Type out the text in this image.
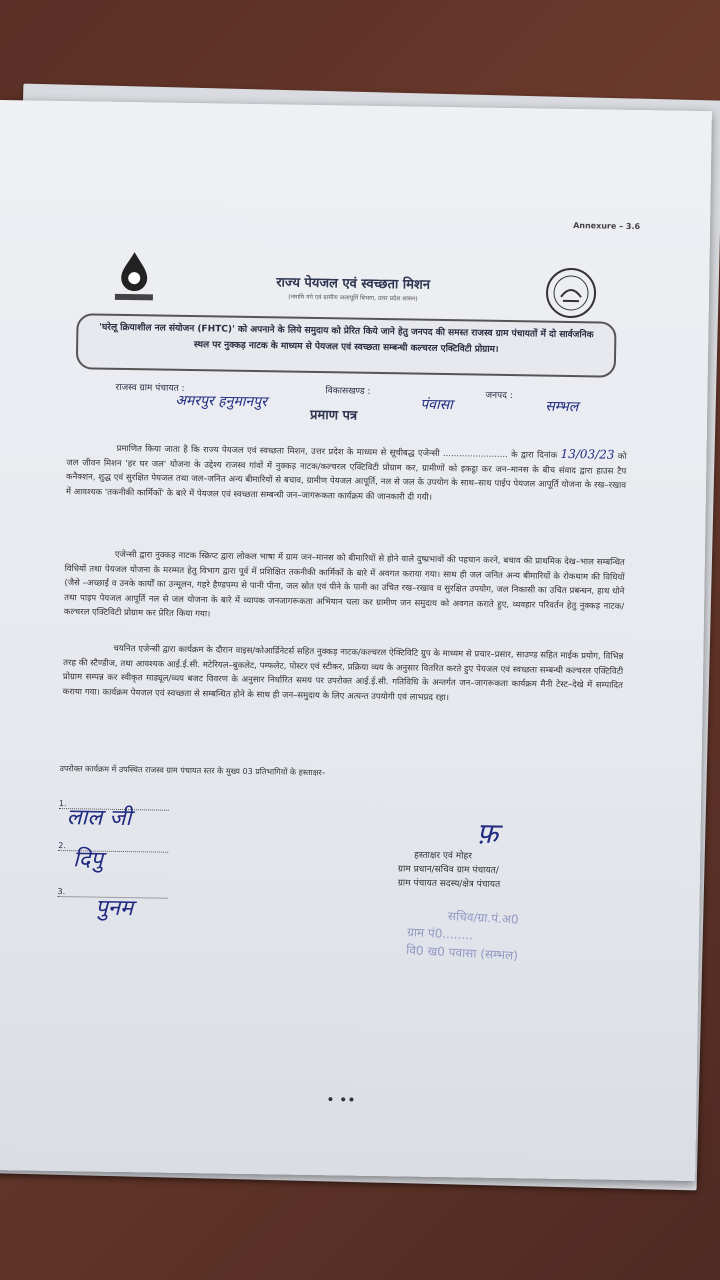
Annexure – 3.6
राज्य पेयजल एवं स्वच्छता मिशन
(नमामि गंगे एवं ग्रामीण जलापूर्ति विभाग, उत्तर प्रदेश शासन)
'घरेलू क्रियाशील नल संयोजन (FHTC)' को अपनाने के लिये समुदाय को प्रेरित किये जाने हेतु जनपद की समस्त राजस्व ग्राम पंचायतों में दो सार्वजनिक स्थल पर नुक्कड़ नाटक के माध्यम से पेयजल एवं स्वच्छता सम्बन्धी कल्चरल एक्टिविटी प्रोग्राम।
राजस्व ग्राम पंचायत :
अमरपुर हनुमानपुर
विकासखण्ड :
पंवासा
जनपद :
सम्भल
प्रमाण पत्र
प्रमाणित किया जाता है कि राज्य पेयजल एवं स्वच्छता मिशन, उत्तर प्रदेश के माध्यम से सूचीबद्ध एजेन्सी ........................ के द्वारा दिनांक 13/03/23 को जल जीवन मिशन 'हर घर जल' योजना के उद्देश्य राजस्व गांवों में नुक्कड़ नाटक/कल्चरल एक्टिविटी प्रोग्राम कर, ग्रामीणों को इकट्ठा कर जन–मानस के बीच संवाद द्वारा हाउस टैप कनैक्शन, शुद्ध एवं सुरक्षित पेयजल तथा जल–जनित अन्य बीमारियों से बचाव, ग्रामीण पेयजल आपूर्ति, नल से जल के उपयोग के साथ–साथ पाईप पेयजल आपूर्ति योजना के रख–रखाव में आवश्यक 'तकनीकी कार्मिकों' के बारे में पेयजल एवं स्वच्छता सम्बन्धी जन–जागरूकता कार्यक्रम की जानकारी दी गयी।
एजेन्सी द्वारा नुक्कड़ नाटक स्क्रिप्ट द्वारा लोकल भाषा में ग्राम जन–मानस को बीमारियों से होने वाले दुष्प्रभावों की पहचान करने, बचाव की प्राथमिक देख–भाल सम्बन्धित विधियों तथा पेयजल योजना के मरम्मत हेतु विभाग द्वारा पूर्व में प्रशिक्षित तकनीकी कार्मिकों के बारे में अवगत कराया गया। साथ ही जल जनित अन्य बीमारियों के रोकथाम की विधियों (जैसे –अच्छाई व उनके कार्यों का उन्मूलन, गहरे हैण्डपम्प से पानी पीना, जल स्रोत एवं पीने के पानी का उचित रख–रखाव व सुरक्षित उपयोग, जल निकासी का उचित प्रबन्धन, हाथ धोने तथा पाइप पेयजल आपूर्ति नल से जल योजना के बारे में व्यापक जनजागरूकता अभियान चला कर ग्रामीण जन समुदाय को अवगत कराते हुए, व्यवहार परिवर्तन हेतु नुक्कड़ नाटक/कल्चरल एक्टिविटी प्रोग्राम कर प्रेरित किया गया।
चयनित एजेन्सी द्वारा कार्यक्रम के दौरान वाइस/कोआर्डिनेटर्स सहित नुक्कड़ नाटक/कल्चरल ऐक्टिविटि ग्रुप के माध्यम से प्रचार–प्रसार, साउण्ड सहित माईक प्रयोग, विभिन्न तरह की स्टैण्डीज, तथा आवश्यक आई.ई.सी. मटेरियल–बुकलेट, पम्फलेट, पोस्टर एवं स्टीकर, प्रक्रिया व्यय के अनुसार वितरित करते हुए पेयजल एवं स्वच्छता सम्बन्धी कल्चरल एक्टिविटी प्रोग्राम सम्पन्न कर स्वीकृत माड्यूल/व्यय बजट विवरण के अनुसार निर्धारित समय पर उपरोक्त आई.ई.सी. गतिविधि के अन्तर्गत जन–जागरूकता कार्यक्रम मैनी टेस्ट–देखे में सम्पादित कराया गया। कार्यक्रम पेयजल एवं स्वच्छता से सम्बन्धित होने के साथ ही जन–समुदाय के लिए अत्यन्त उपयोगी एवं लाभप्रद रहा।
उपरोक्त कार्यक्रम में उपस्थित राजस्व ग्राम पंचायत स्तर के मुख्य 03 प्रतिभागियों के हस्ताक्षर–
1.
लाल जी
2.
दिपु
3.
पुनम
फ़
हस्ताक्षर एवं मोहर
ग्राम प्रधान/सचिव ग्राम पंचायत/
ग्राम पंचायत सदस्य/क्षेत्र पंचायत
सचिव/ग्रा.पं.अ0
ग्राम पं0........
वि0 ख0 पवासा (सम्भल)
• ••
